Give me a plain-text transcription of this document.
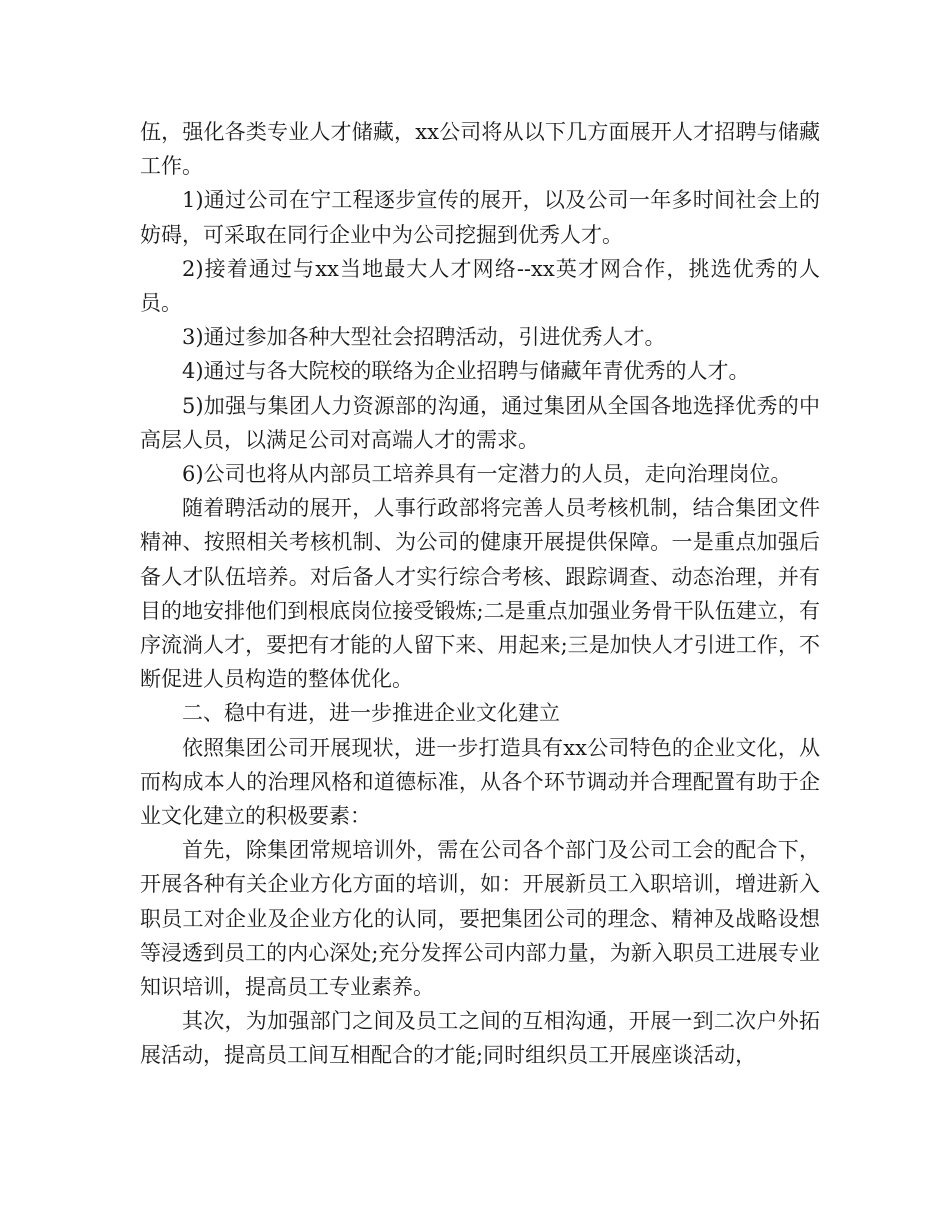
伍，强化各类专业人才储藏，xx公司将从以下几方面展开人才招聘与储藏工作。

1)通过公司在宁工程逐步宣传的展开，以及公司一年多时间社会上的妨碍，可采取在同行企业中为公司挖掘到优秀人才。

2)接着通过与xx当地最大人才网络--xx英才网合作，挑选优秀的人员。

3)通过参加各种大型社会招聘活动，引进优秀人才。

4)通过与各大院校的联络为企业招聘与储藏年青优秀的人才。

5)加强与集团人力资源部的沟通，通过集团从全国各地选择优秀的中高层人员，以满足公司对高端人才的需求。

6)公司也将从内部员工培养具有一定潜力的人员，走向治理岗位。

随着聘活动的展开，人事行政部将完善人员考核机制，结合集团文件精神、按照相关考核机制、为公司的健康开展提供保障。一是重点加强后备人才队伍培养。对后备人才实行综合考核、跟踪调查、动态治理，并有目的地安排他们到根底岗位接受锻炼;二是重点加强业务骨干队伍建立，有序流淌人才，要把有才能的人留下来、用起来;三是加快人才引进工作，不断促进人员构造的整体优化。

二、稳中有进，进一步推进企业文化建立

依照集团公司开展现状，进一步打造具有xx公司特色的企业文化，从而构成本人的治理风格和道德标准，从各个环节调动并合理配置有助于企业文化建立的积极要素：

首先，除集团常规培训外，需在公司各个部门及公司工会的配合下，开展各种有关企业方化方面的培训，如：开展新员工入职培训，增进新入职员工对企业及企业方化的认同，要把集团公司的理念、精神及战略设想等浸透到员工的内心深处;充分发挥公司内部力量，为新入职员工进展专业知识培训，提高员工专业素养。

其次，为加强部门之间及员工之间的互相沟通，开展一到二次户外拓展活动，提高员工间互相配合的才能;同时组织员工开展座谈活动，
